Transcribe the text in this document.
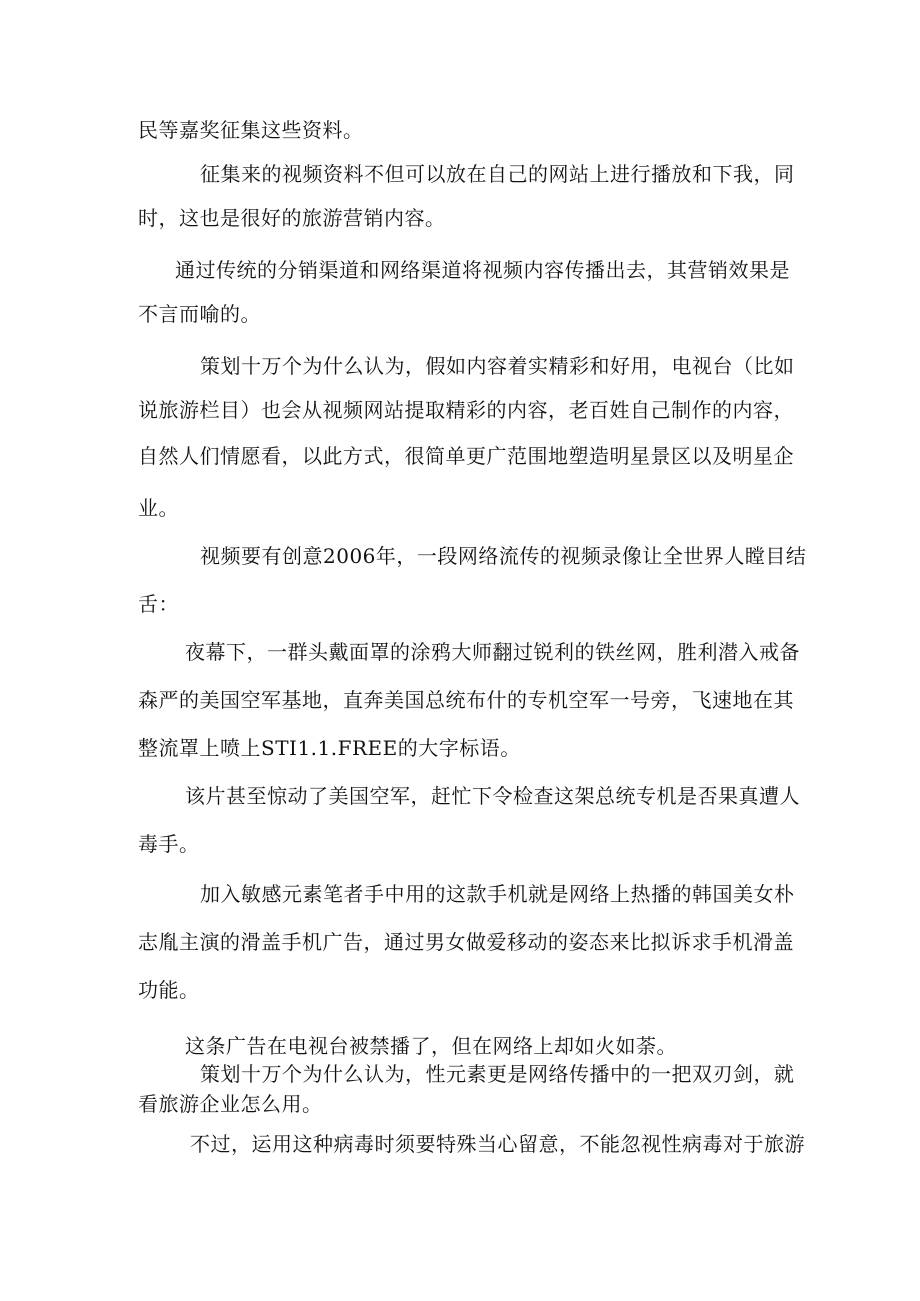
民等嘉奖征集这些资料。
征集来的视频资料不但可以放在自己的网站上进行播放和下我，同
时，这也是很好的旅游营销内容。
通过传统的分销渠道和网络渠道将视频内容传播出去，其营销效果是
不言而喻的。
策划十万个为什么认为，假如内容着实精彩和好用，电视台（比如
说旅游栏目）也会从视频网站提取精彩的内容，老百姓自己制作的内容，
自然人们情愿看，以此方式，很简单更广范围地塑造明星景区以及明星企
业。
视频要有创意2006年，一段网络流传的视频录像让全世界人瞠目结
舌：
夜幕下，一群头戴面罩的涂鸦大师翻过锐利的铁丝网，胜利潜入戒备
森严的美国空军基地，直奔美国总统布什的专机空军一号旁，飞速地在其
整流罩上喷上STI1.1.FREE的大字标语。
该片甚至惊动了美国空军，赶忙下令检查这架总统专机是否果真遭人
毒手。
加入敏感元素笔者手中用的这款手机就是网络上热播的韩国美女朴
志胤主演的滑盖手机广告，通过男女做爱移动的姿态来比拟诉求手机滑盖
功能。
这条广告在电视台被禁播了，但在网络上却如火如荼。
策划十万个为什么认为，性元素更是网络传播中的一把双刃剑，就
看旅游企业怎么用。
不过，运用这种病毒时须要特殊当心留意，不能忽视性病毒对于旅游
